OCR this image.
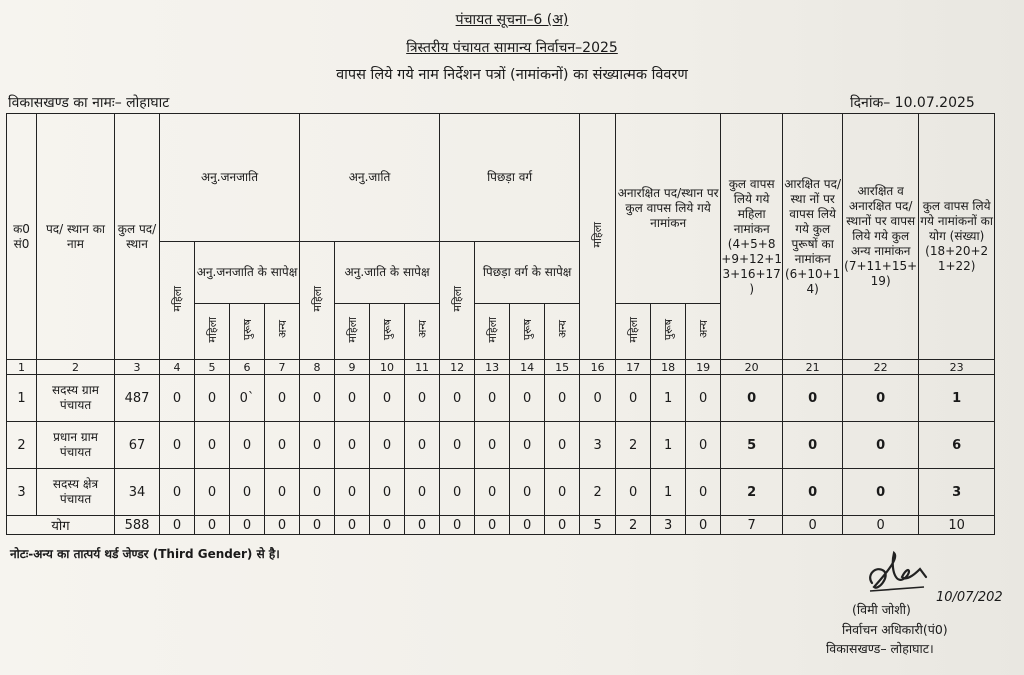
पंचायत सूचना–6 (अ)
त्रिस्तरीय पंचायत सामान्य निर्वाचन–2025
वापस लिये गये नाम निर्देशन पत्रों (नामांकनों) का संख्यात्मक विवरण
विकासखण्ड का नामः– लोहाघाट	दिनांक– 10.07.2025
क0 सं0	पद/ स्थान का नाम	कुल पद/ स्थान	अनु.जनजाति				अनु.जाति				पिछड़ा वर्ग				महिला	अनारक्षित पद/स्थान पर कुल वापस लिये गये नामांकन			कुल वापस लिये गये महिला नामांकन (4+5+8 +9+12+1 3+16+17 )	आरक्षित पद/स्था नों पर वापस लिये गये कुल पुरूषों का नामांकन (6+10+1 4)	आरक्षित व अनारक्षित पद/स्थानों पर वापस लिये गये कुल अन्य नामांकन (7+11+15+ 19)	कुल वापस लिये गये नामांकनों का योग (संख्या) (18+20+2 1+22)
			महिला	अनु.जनजाति के सापेक्ष			महिला	अनु.जाति के सापेक्ष			महिला	पिछड़ा वर्ग के सापेक्ष										
				महिला	पुरूष	अन्य		महिला	पुरूष	अन्य		महिला	पुरूष	अन्य		महिला	पुरूष	अन्य				
1	2	3	4	5	6	7	8	9	10	11	12	13	14	15	16	17	18	19	20	21	22	23
1	सदस्य ग्राम पंचायत	487	0	0	0`	0	0	0	0	0	0	0	0	0	0	0	1	0	0	0	0	1
2	प्रधान ग्राम पंचायत	67	0	0	0	0	0	0	0	0	0	0	0	0	3	2	1	0	5	0	0	6
3	सदस्य क्षेत्र पंचायत	34	0	0	0	0	0	0	0	0	0	0	0	0	2	0	1	0	2	0	0	3
योग		588	0	0	0	0	0	0	0	0	0	0	0	0	5	2	3	0	7	0	0	10
नोटः-अन्य का तात्पर्य थर्ड जेण्डर (Third Gender) से है।
10/07/202
(विमी जोशी)
निर्वाचन अधिकारी(पं0)
विकासखण्ड– लोहाघाट।
